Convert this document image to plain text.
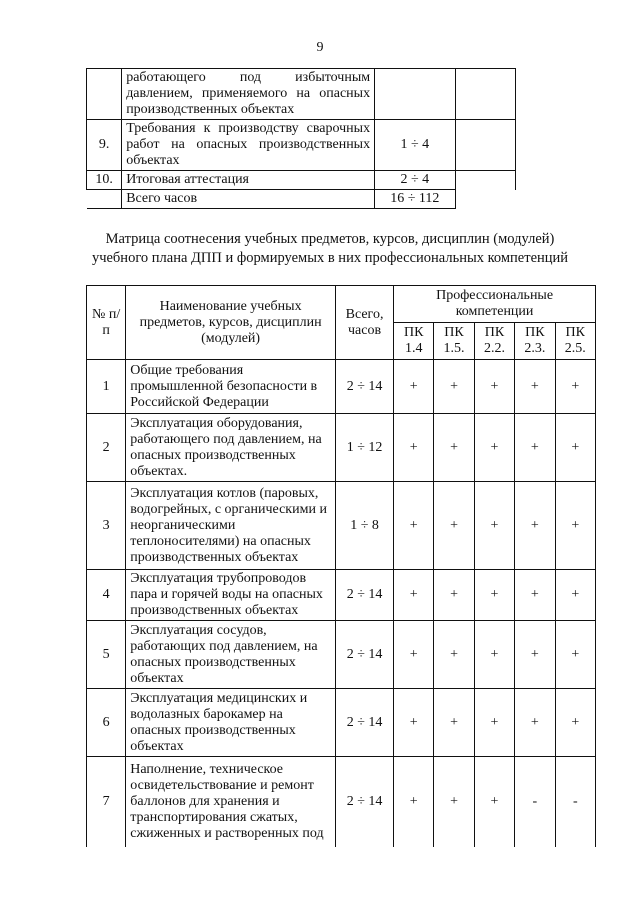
9
	работающего под избыточным давлением, применяемого на опасных производственных объектах		
9.	Требования к производству сварочных работ на опасных производственных объектах	1 ÷ 4	
10.	Итоговая аттестация	2 ÷ 4	
	Всего часов	16 ÷ 112	
Матрица соотнесения учебных предметов, курсов, дисциплин (модулей)
учебного плана ДПП и формируемых в них профессиональных компетенций
№ п/п	Наименование учебных предметов, курсов, дисциплин (модулей)	Всего, часов	Профессиональные компетенции				
			ПК 1.4	ПК 1.5.	ПК 2.2.	ПК 2.3.	ПК 2.5.
1	Общие требования промышленной безопасности в Российской Федерации	2 ÷ 14	+	+	+	+	+
2	Эксплуатация оборудования, работающего под давлением, на опасных производственных объектах.	1 ÷ 12	+	+	+	+	+
3	Эксплуатация котлов (паровых, водогрейных, с органическими и неорганическими теплоносителями) на опасных производственных объектах	1 ÷ 8	+	+	+	+	+
4	Эксплуатация трубопроводов пара и горячей воды на опасных производственных объектах	2 ÷ 14	+	+	+	+	+
5	Эксплуатация сосудов, работающих под давлением, на опасных производственных объектах	2 ÷ 14	+	+	+	+	+
6	Эксплуатация медицинских и водолазных барокамер на опасных производственных объектах	2 ÷ 14	+	+	+	+	+
7	Наполнение, техническое освидетельствование и ремонт баллонов для хранения и транспортирования сжатых, сжиженных и растворенных под	2 ÷ 14	+	+	+	-	-
